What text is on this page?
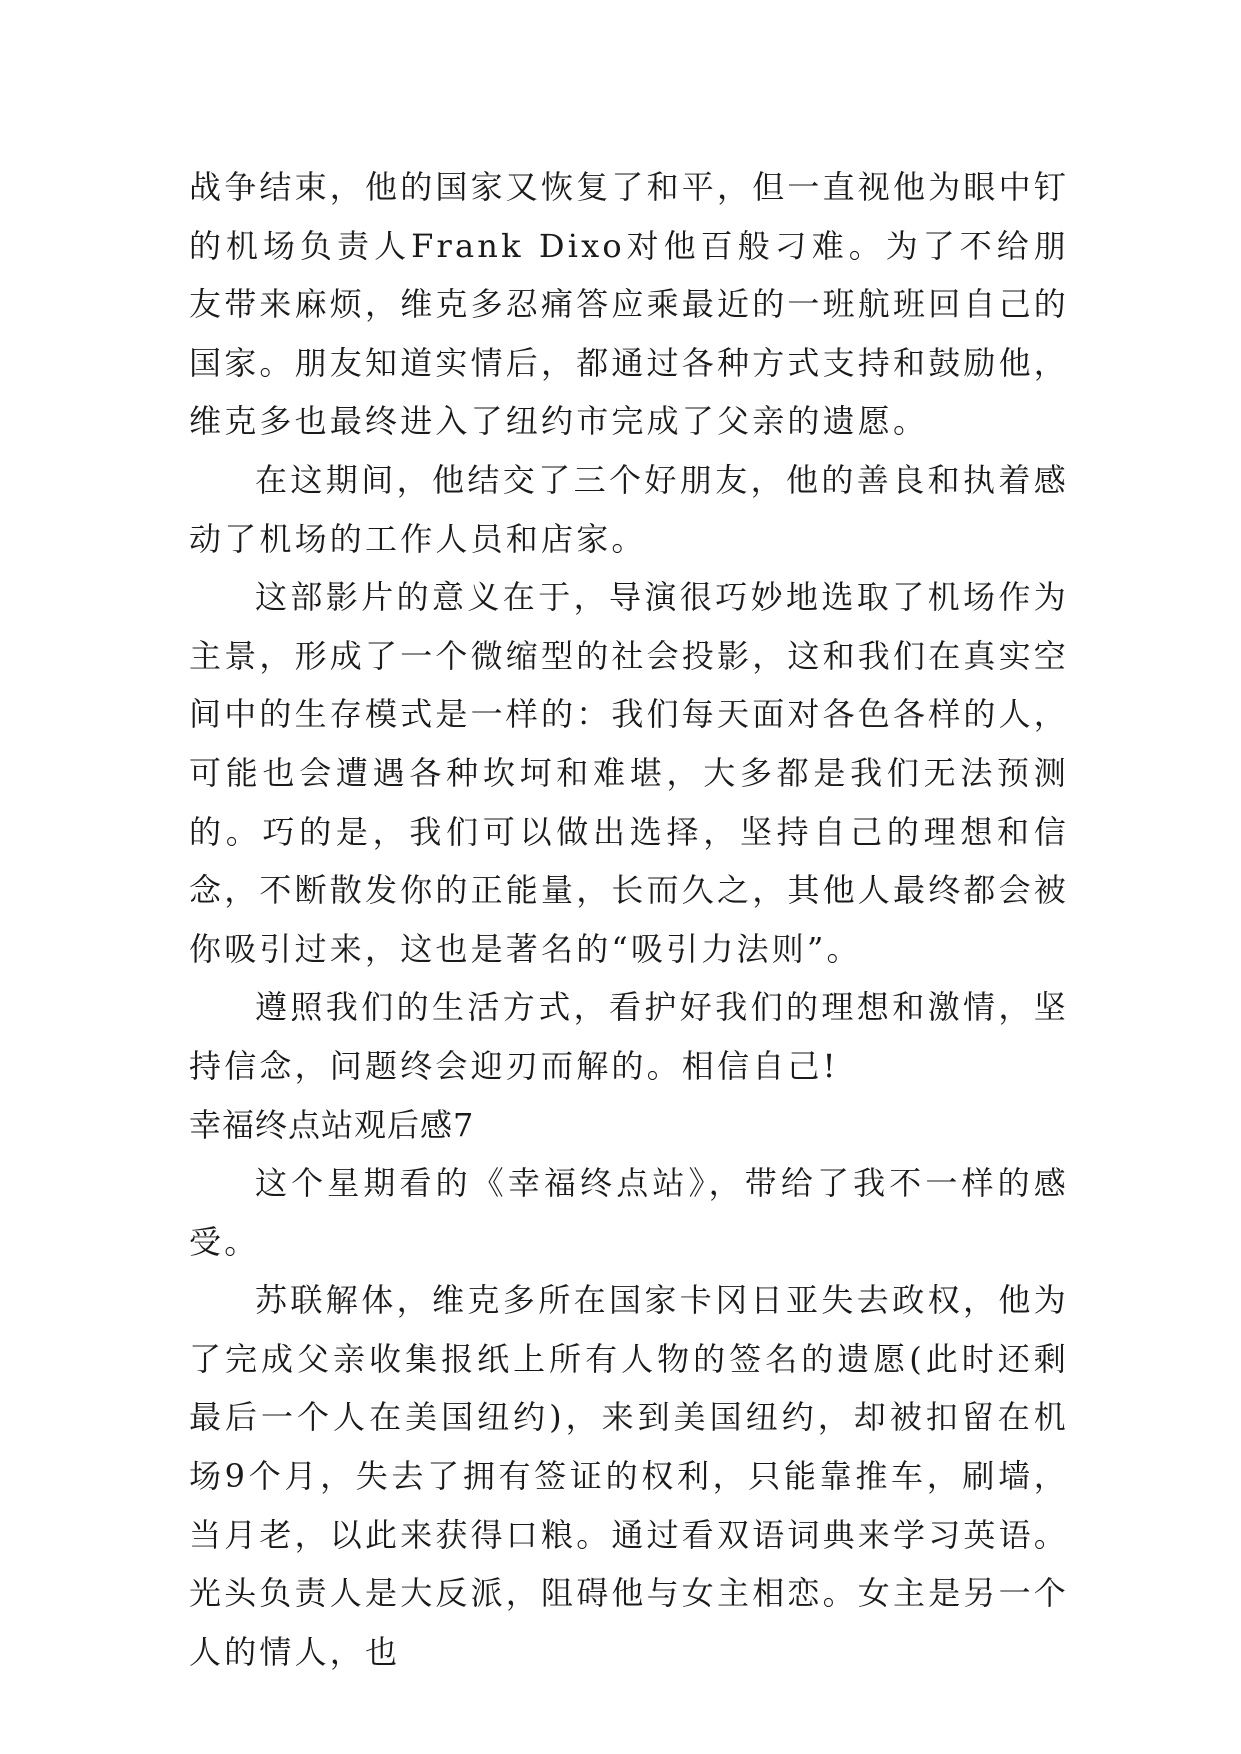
战争结束，他的国家又恢复了和平，但一直视他为眼中钉的机场负责人Frank Dixo对他百般刁难。为了不给朋友带来麻烦，维克多忍痛答应乘最近的一班航班回自己的国家。朋友知道实情后，都通过各种方式支持和鼓励他，维克多也最终进入了纽约市完成了父亲的遗愿。

在这期间，他结交了三个好朋友，他的善良和执着感动了机场的工作人员和店家。

这部影片的意义在于，导演很巧妙地选取了机场作为主景，形成了一个微缩型的社会投影，这和我们在真实空间中的生存模式是一样的：我们每天面对各色各样的人，可能也会遭遇各种坎坷和难堪，大多都是我们无法预测的。巧的是，我们可以做出选择，坚持自己的理想和信念，不断散发你的正能量，长而久之，其他人最终都会被你吸引过来，这也是著名的“吸引力法则”。

遵照我们的生活方式，看护好我们的理想和激情，坚持信念，问题终会迎刃而解的。相信自己!

幸福终点站观后感7

这个星期看的《幸福终点站》，带给了我不一样的感受。

苏联解体，维克多所在国家卡冈日亚失去政权，他为了完成父亲收集报纸上所有人物的签名的遗愿(此时还剩最后一个人在美国纽约)，来到美国纽约，却被扣留在机场9个月，失去了拥有签证的权利，只能靠推车，刷墙，当月老，以此来获得口粮。通过看双语词典来学习英语。光头负责人是大反派，阻碍他与女主相恋。女主是另一个人的情人，也
